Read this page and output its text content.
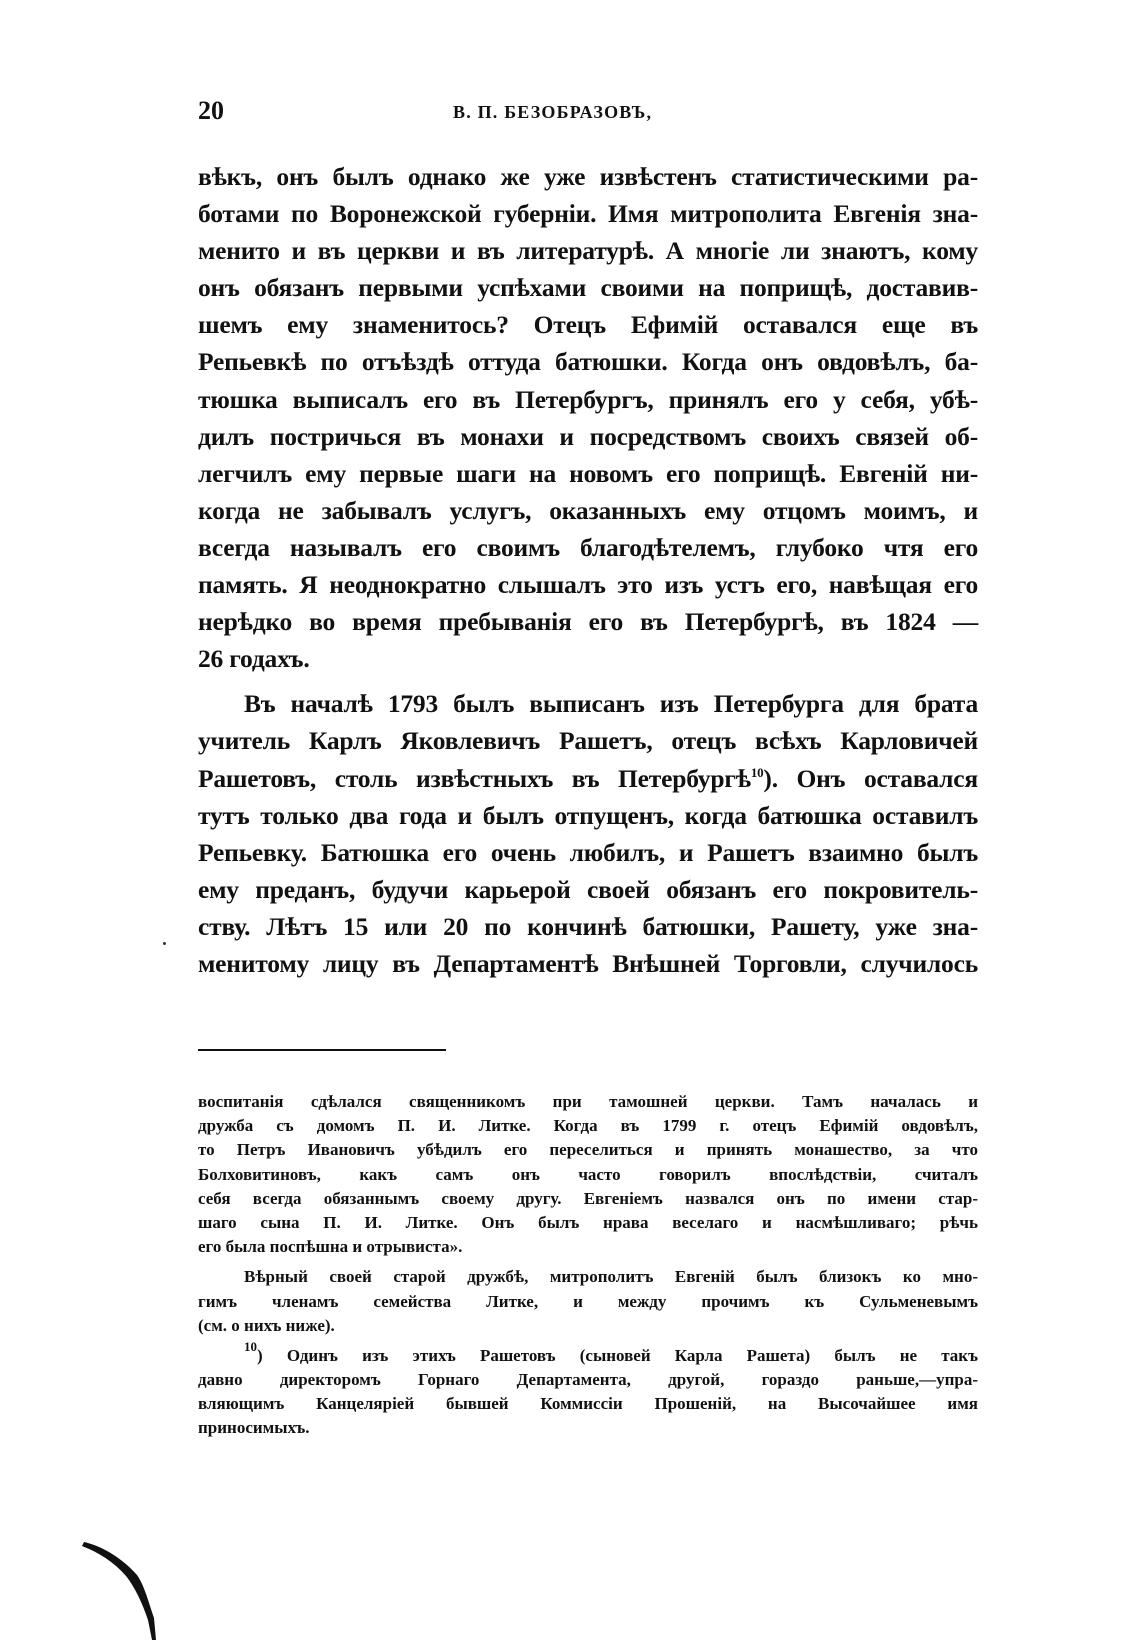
20	В. П. БЕЗОБРАЗОВЪ,
вѣкъ, онъ былъ однако же уже извѣстенъ статистическими ра-
ботами по Воронежской губерніи. Имя митрополита Евгенія зна-
менито и въ церкви и въ литературѣ. А многіе ли знаютъ, кому
онъ обязанъ первыми успѣхами своими на поприщѣ, доставив-
шемъ ему знаменитось? Отецъ Ефимій оставался еще въ
Репьевкѣ по отъѣздѣ оттуда батюшки. Когда онъ овдовѣлъ, ба-
тюшка выписалъ его въ Петербургъ, принялъ его у себя, убѣ-
дилъ постричься въ монахи и посредствомъ своихъ связей об-
легчилъ ему первые шаги на новомъ его поприщѣ. Евгеній ни-
когда не забывалъ услугъ, оказанныхъ ему отцомъ моимъ, и
всегда называлъ его своимъ благодѣтелемъ, глубоко чтя его
память. Я неоднократно слышалъ это изъ устъ его, навѣщая его
нерѣдко во время пребыванія его въ Петербургѣ, въ 1824 —
26 годахъ.
Въ началѣ 1793 былъ выписанъ изъ Петербурга для брата
учитель Карлъ Яковлевичъ Рашетъ, отецъ всѣхъ Карловичей
Рашетовъ, столь извѣстныхъ въ Петербургѣ$^{10}$). Онъ оставался
тутъ только два года и былъ отпущенъ, когда батюшка оставилъ
Репьевку. Батюшка его очень любилъ, и Рашетъ взаимно былъ
ему преданъ, будучи карьерой своей обязанъ его покровитель-
ству. Лѣтъ 15 или 20 по кончинѣ батюшки, Рашету, уже зна-
менитому лицу въ Департаментѣ Внѣшней Торговли, случилось
воспитанія сдѣлался священникомъ при тамошней церкви. Тамъ началась и
дружба съ домомъ П. И. Литке. Когда въ 1799 г. отецъ Ефимій овдовѣлъ,
то Петръ Ивановичъ убѣдилъ его переселиться и принять монашество, за что
Болховитиновъ, какъ самъ онъ часто говорилъ впослѣдствіи, считалъ
себя всегда обязаннымъ своему другу. Евгеніемъ назвался онъ по имени стар-
шаго сына П. И. Литке. Онъ былъ нрава веселаго и насмѣшливаго; рѣчь
его была поспѣшна и отрывиста».
Вѣрный своей старой дружбѣ, митрополитъ Евгеній былъ близокъ ко мно-
гимъ членамъ семейства Литке, и между прочимъ къ Сульменевымъ
(см. о нихъ ниже).
$^{10}$) Одинъ изъ этихъ Рашетовъ (сыновей Карла Рашета) былъ не такъ
давно директоромъ Горнаго Департамента, другой, гораздо раньше,—упра-
вляющимъ Канцеляріей бывшей Коммиссіи Прошеній, на Высочайшее имя
приносимыхъ.
